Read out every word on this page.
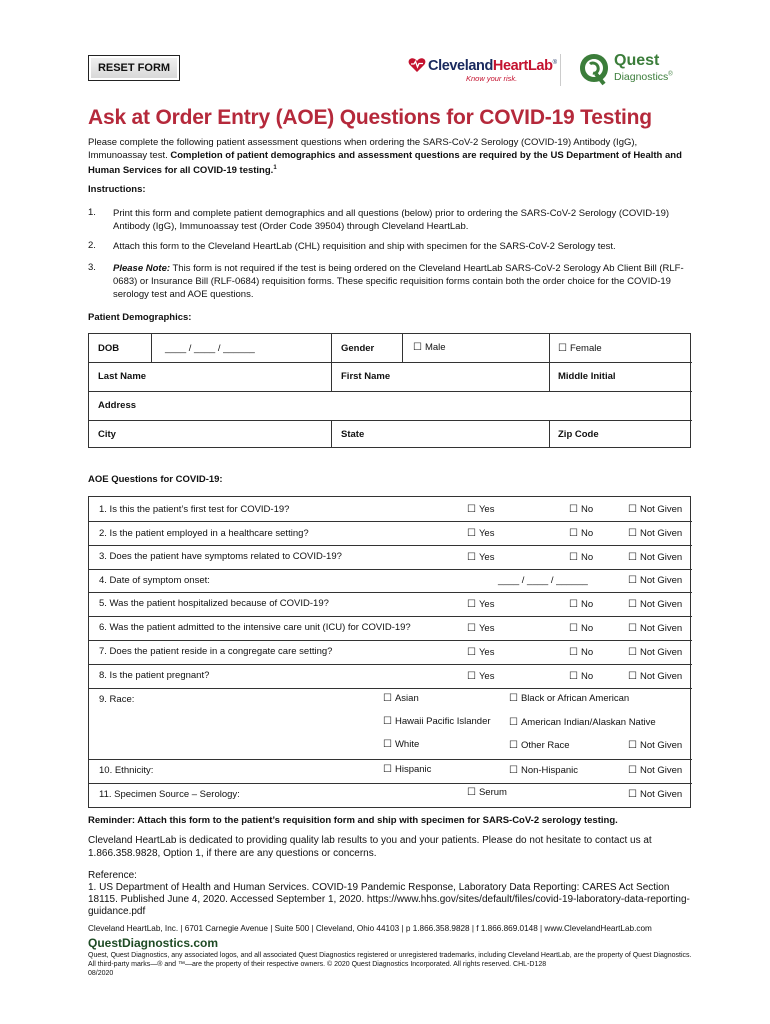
RESET FORM	ClevelandHeartLab®
Know your risk.
Quest
Diagnostics®
Ask at Order Entry (AOE) Questions for COVID-19 Testing
Please complete the following patient assessment questions when ordering the SARS-CoV-2 Serology (COVID-19) Antibody (IgG), Immunoassay test. Completion of patient demographics and assessment questions are required by the US Department of Health and Human Services for all COVID-19 testing.$^1$
Instructions:
1. Print this form and complete patient demographics and all questions (below) prior to ordering the SARS-CoV-2 Serology (COVID-19) Antibody (IgG), Immunoassay test (Order Code 39504) through Cleveland HeartLab.
2. Attach this form to the Cleveland HeartLab (CHL) requisition and ship with specimen for the SARS-CoV-2 Serology test.
3. Please Note: This form is not required if the test is being ordered on the Cleveland HeartLab SARS-CoV-2 Serology Ab Client Bill (RLF-0683) or Insurance Bill (RLF-0684) requisition forms. These specific requisition forms contain both the order choice for the COVID-19 serology test and AOE questions.
Patient Demographics:
DOB	____ / ____ / ______	Gender	☐ Male	☐ Female
Last Name	First Name	Middle Initial
Address
City	State	Zip Code
AOE Questions for COVID-19:
1. Is this the patient’s first test for COVID-19?	☐ Yes	☐ No	☐ Not Given
2. Is the patient employed in a healthcare setting?	☐ Yes	☐ No	☐ Not Given
3. Does the patient have symptoms related to COVID-19?	☐ Yes	☐ No	☐ Not Given
4. Date of symptom onset:	____ / ____ / ______	☐ Not Given
5. Was the patient hospitalized because of COVID-19?	☐ Yes	☐ No	☐ Not Given
6. Was the patient admitted to the intensive care unit (ICU) for COVID-19?	☐ Yes	☐ No	☐ Not Given
7. Does the patient reside in a congregate care setting?	☐ Yes	☐ No	☐ Not Given
8. Is the patient pregnant?	☐ Yes	☐ No	☐ Not Given
9. Race:	☐ Asian	☐ Black or African American
☐ Hawaii Pacific Islander	☐ American Indian/Alaskan Native
☐ White	☐ Other Race	☐ Not Given
10. Ethnicity:	☐ Hispanic	☐ Non-Hispanic	☐ Not Given
11. Specimen Source – Serology:	☐ Serum	☐ Not Given
Reminder: Attach this form to the patient’s requisition form and ship with specimen for SARS-CoV-2 serology testing.
Cleveland HeartLab is dedicated to providing quality lab results to you and your patients. Please do not hesitate to contact us at 1.866.358.9828, Option 1, if there are any questions or concerns.
Reference:
1. US Department of Health and Human Services. COVID-19 Pandemic Response, Laboratory Data Reporting: CARES Act Section 18115. Published June 4, 2020. Accessed September 1, 2020. https://www.hhs.gov/sites/default/files/covid-19-laboratory-data-reporting-guidance.pdf
Cleveland HeartLab, Inc. | 6701 Carnegie Avenue | Suite 500 | Cleveland, Ohio 44103 | p 1.866.358.9828 | f 1.866.869.0148 | www.ClevelandHeartLab.com
QuestDiagnostics.com
Quest, Quest Diagnostics, any associated logos, and all associated Quest Diagnostics registered or unregistered trademarks, including Cleveland HeartLab, are the property of Quest Diagnostics. All third-party marks—® and ™—are the property of their respective owners. © 2020 Quest Diagnostics Incorporated. All rights reserved. CHL-D128
08/2020
